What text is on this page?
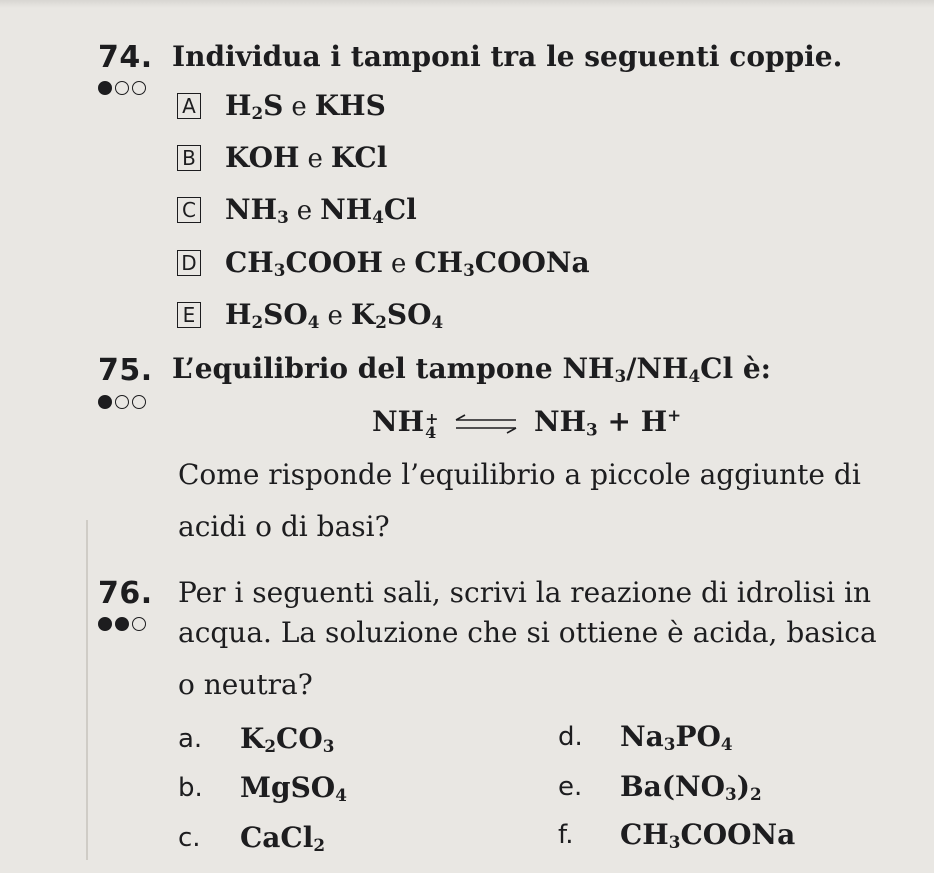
74. Individua i tamponi tra le seguenti coppie.
A $H_2S$ e KHS
B KOH e KCl
C $NH_3$ e $NH_4Cl$
D $CH_3COOH$ e $CH_3COONa$
E $H_2SO_4$ e $K_2SO_4$
75. L’equilibrio del tampone $NH_3/NH_4Cl$ è:
NH +
4 ⇌ $NH_3 + H^+$
Come risponde l’equilibrio a piccole aggiunte di
acidi o di basi?
76. Per i seguenti sali, scrivi la reazione di idrolisi in
acqua. La soluzione che si ottiene è acida, basica
o neutra?
a.	$K_2CO_3$
b.	MgSO$_4$
c.	CaCl$_2$
d.	$Na_3PO_4$
e.	$Ba(NO_3)_2$
f.	$CH_3COONa$
